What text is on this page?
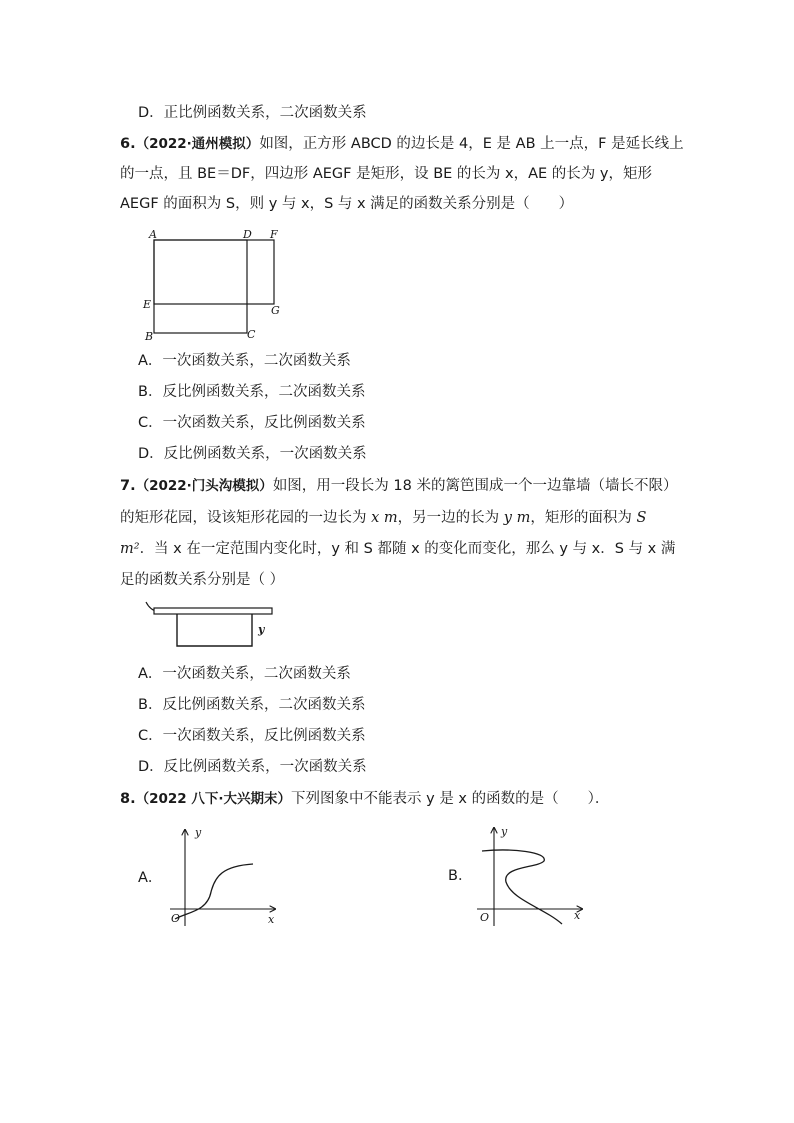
D．正比例函数关系，二次函数关系
6.（2022·通州模拟）如图，正方形 ABCD 的边长是 4，E 是 AB 上一点，F 是延长线上
的一点，且 BE＝DF，四边形 AEGF 是矩形，设 BE 的长为 x，AE 的长为 y，矩形
AEGF 的面积为 S，则 y 与 x，S 与 x 满足的函数关系分别是（　　）
A	D F
E	G
B	C
A．一次函数关系，二次函数关系
B．反比例函数关系，二次函数关系
C．一次函数关系，反比例函数关系
D．反比例函数关系，一次函数关系
7.（2022·门头沟模拟）如图，用一段长为 18 米的篱笆围成一个一边靠墙（墙长不限）
的矩形花园，设该矩形花园的一边长为 x m，另一边的长为 y m，矩形的面积为 S
m²．当 x 在一定范围内变化时，y 和 S 都随 x 的变化而变化，那么 y 与 x．S 与 x 满
足的函数关系分别是（ ）
y
A．一次函数关系，二次函数关系
B．反比例函数关系，二次函数关系
C．一次函数关系，反比例函数关系
D．反比例函数关系，一次函数关系
8.（2022 八下·大兴期末）下列图象中不能表示 y 是 x 的函数的是（　　）．
A．
y
x
O
B．
y
x
O
